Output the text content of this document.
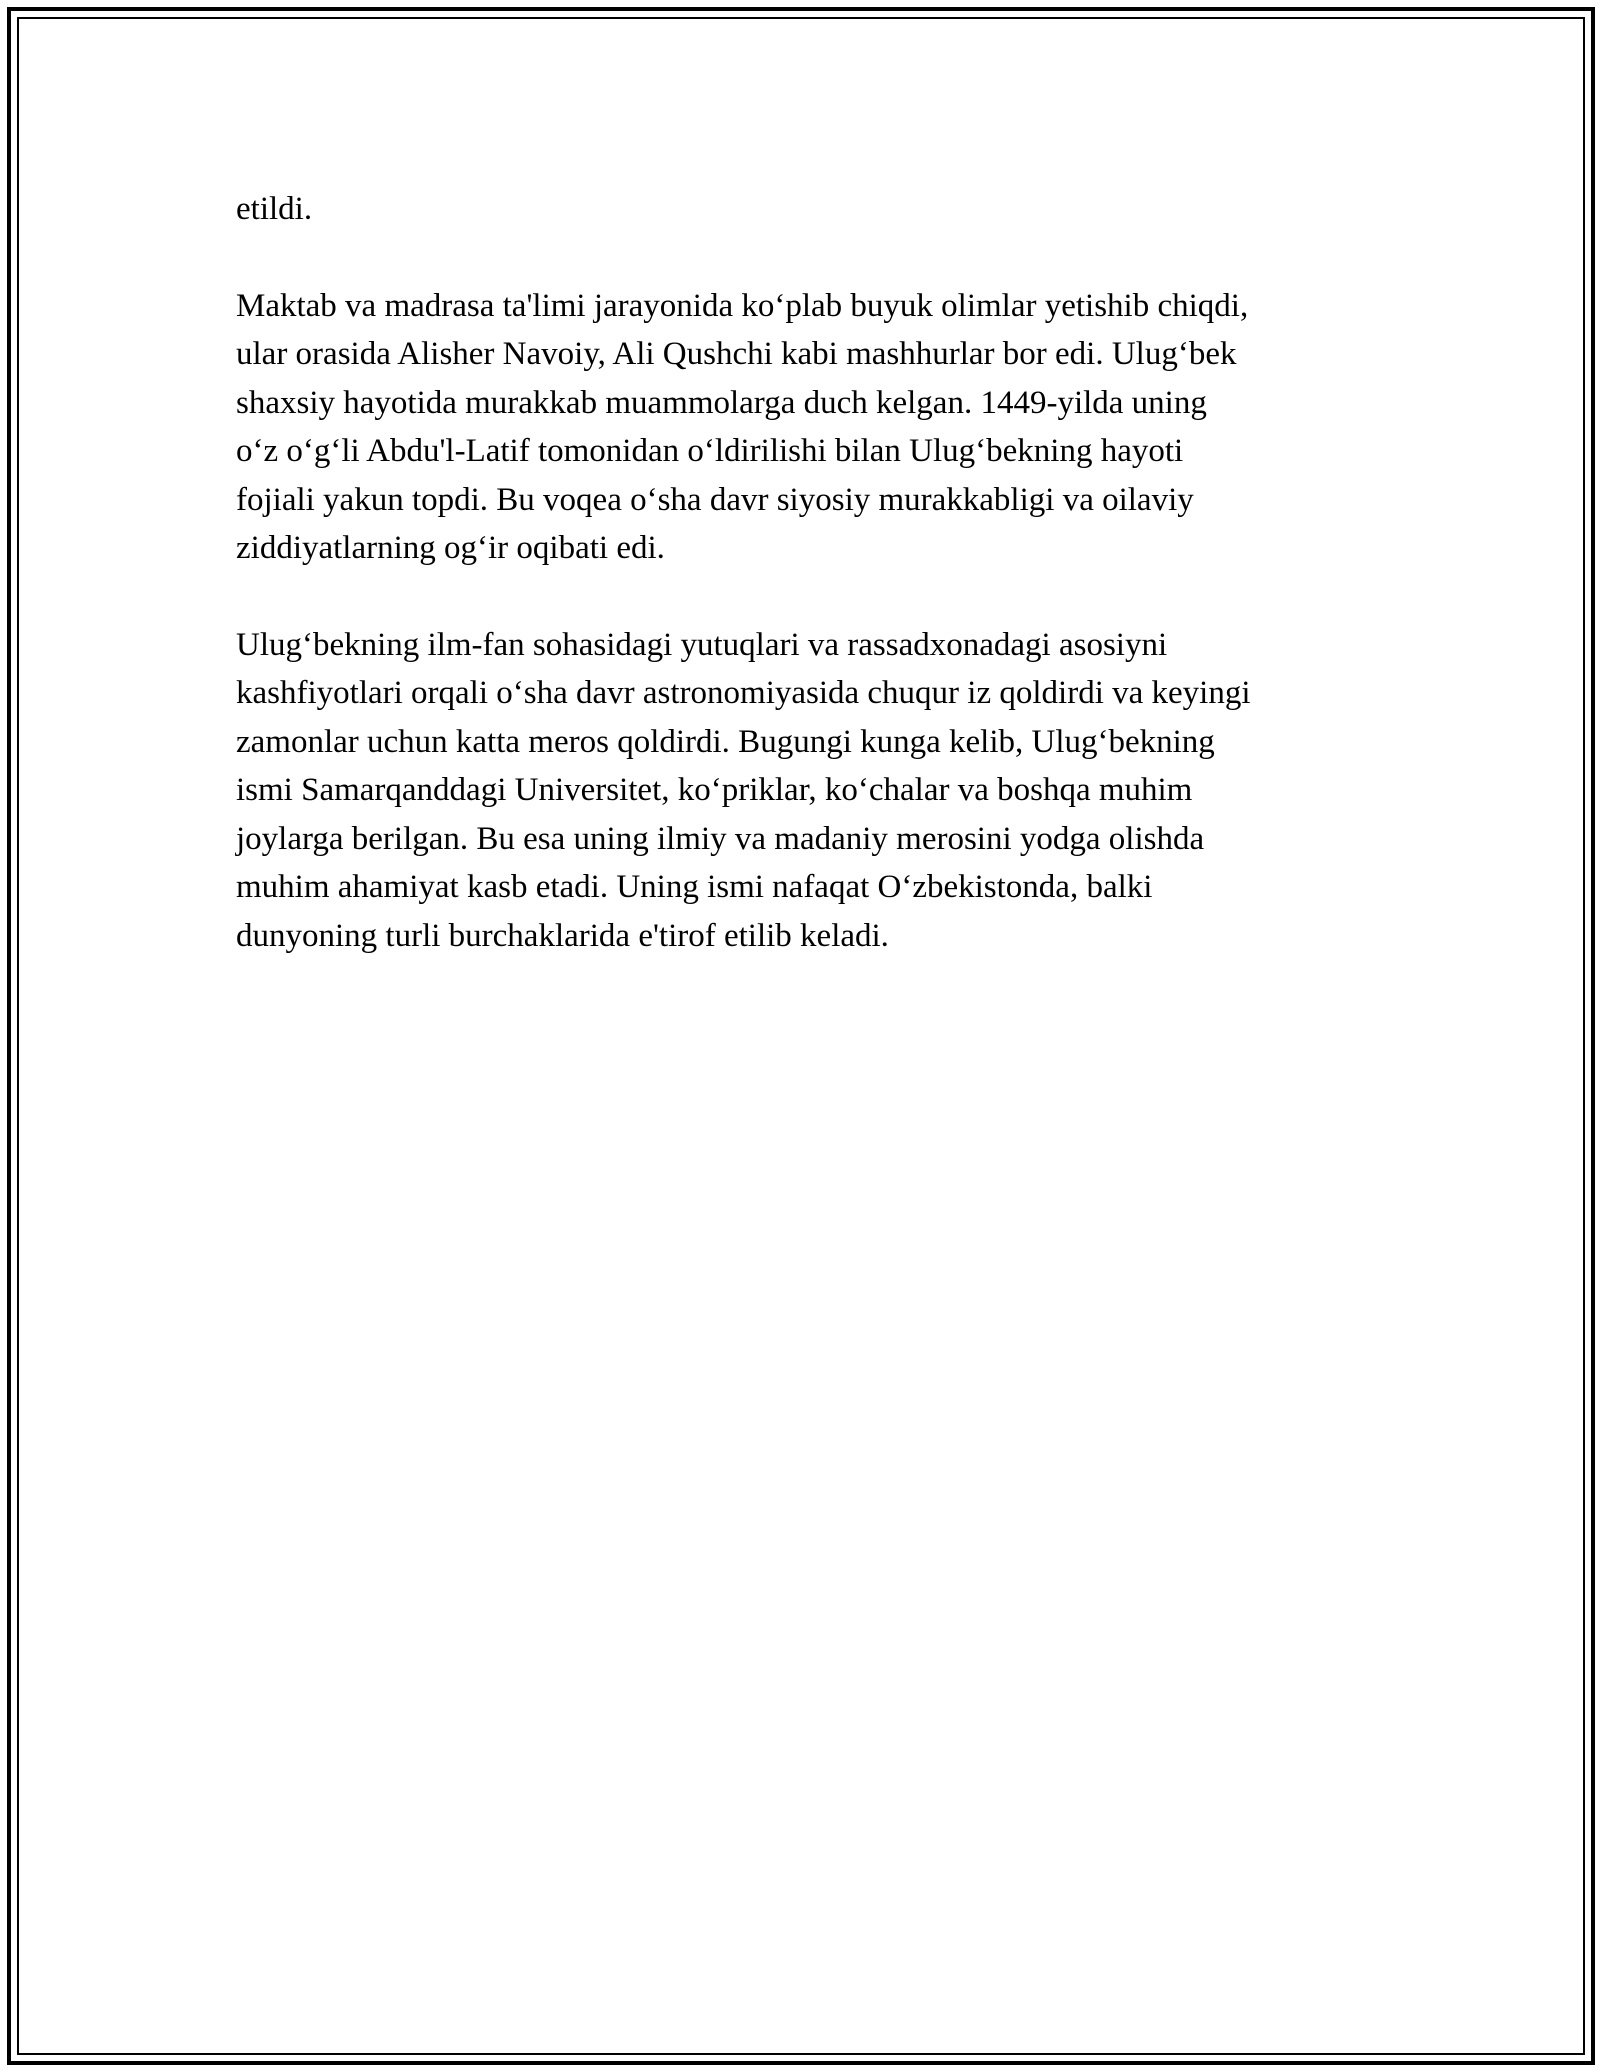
etildi.

Maktab va madrasa ta'limi jarayonida koʻplab buyuk olimlar yetishib chiqdi,
ular orasida Alisher Navoiy, Ali Qushchi kabi mashhurlar bor edi. Ulugʻbek
shaxsiy hayotida murakkab muammolarga duch kelgan. 1449-yilda uning
oʻz oʻgʻli Abdu'l-Latif tomonidan oʻldirilishi bilan Ulugʻbekning hayoti
fojiali yakun topdi. Bu voqea oʻsha davr siyosiy murakkabligi va oilaviy
ziddiyatlarning ogʻir oqibati edi.

Ulugʻbekning ilm-fan sohasidagi yutuqlari va rassadxonadagi asosiyni
kashfiyotlari orqali oʻsha davr astronomiyasida chuqur iz qoldirdi va keyingi
zamonlar uchun katta meros qoldirdi. Bugungi kunga kelib, Ulugʻbekning
ismi Samarqanddagi Universitet, koʻpriklar, koʻchalar va boshqa muhim
joylarga berilgan. Bu esa uning ilmiy va madaniy merosini yodga olishda
muhim ahamiyat kasb etadi. Uning ismi nafaqat Oʻzbekistonda, balki
dunyoning turli burchaklarida e'tirof etilib keladi.
